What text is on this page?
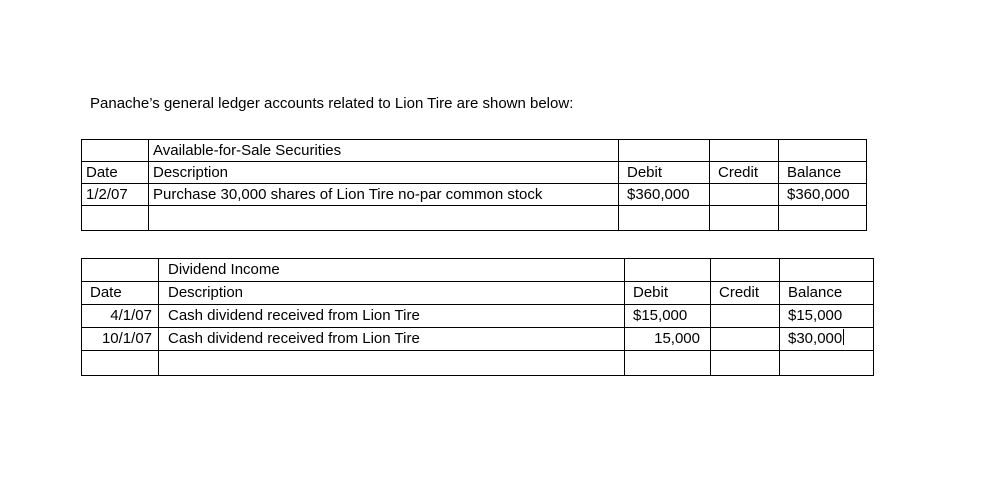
Panache’s general ledger accounts related to Lion Tire are shown below:
	Available-for-Sale Securities			
Date	Description	Debit	Credit	Balance
1/2/07	Purchase 30,000 shares of Lion Tire no-par common stock	$360,000		$360,000

	Dividend Income			
Date	Description	Debit	Credit	Balance
4/1/07	Cash dividend received from Lion Tire	$15,000		$15,000
10/1/07	Cash dividend received from Lion Tire	15,000		$30,000
